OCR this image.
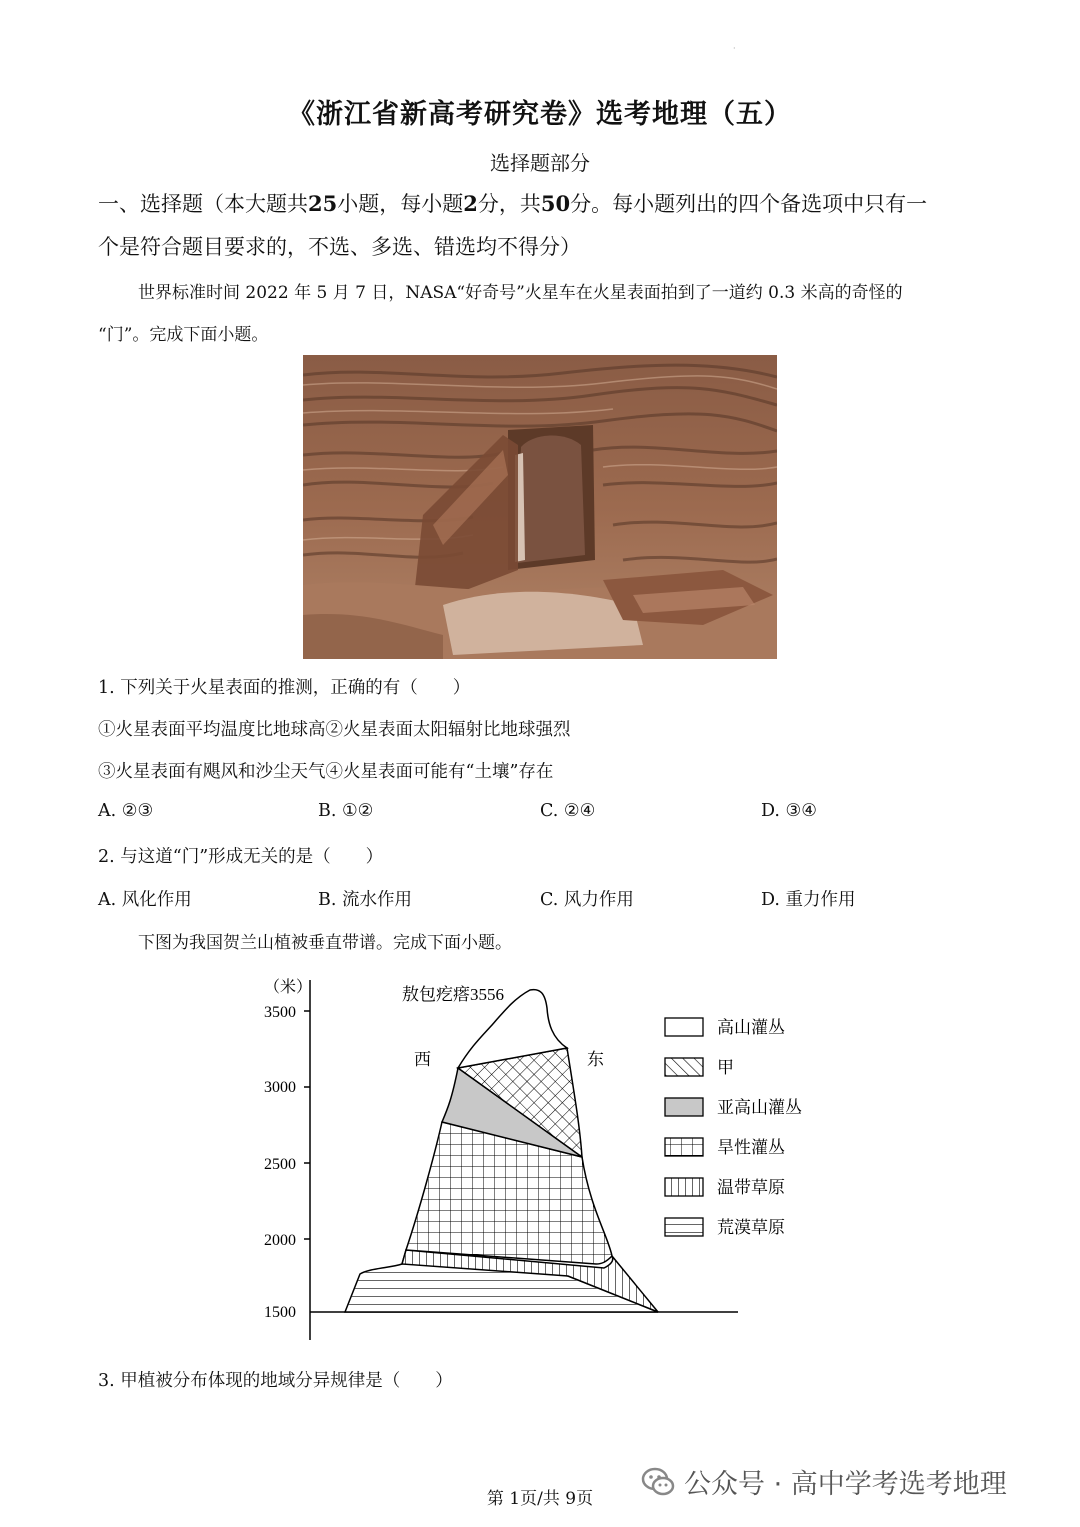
·
《浙江省新高考研究卷》选考地理（五）
选择题部分
一、选择题（本大题共25小题，每小题2分，共50分。每小题列出的四个备选项中只有一
个是符合题目要求的，不选、多选、错选均不得分）
世界标准时间 2022 年 5 月 7 日，NASA“好奇号”火星车在火星表面拍到了一道约 0.3 米高的奇怪的
“门”。完成下面小题。
1. 下列关于火星表面的推测，正确的有（　　）
①火星表面平均温度比地球高②火星表面太阳辐射比地球强烈
③火星表面有飓风和沙尘天气④火星表面可能有“土壤”存在
A. ②③	B. ①②	C. ②④	D. ③④
2. 与这道“门”形成无关的是（　　）
A. 风化作用	B. 流水作用	C. 风力作用	D. 重力作用
下图为我国贺兰山植被垂直带谱。完成下面小题。
（米）
3500
3000
2500
2000
1500
敖包疙瘩3556
西	东
高山灌丛
甲
亚高山灌丛
旱性灌丛
温带草原
荒漠草原
3. 甲植被分布体现的地域分异规律是（　　）
第 1页/共 9页	公众号 · 高中学考选考地理
